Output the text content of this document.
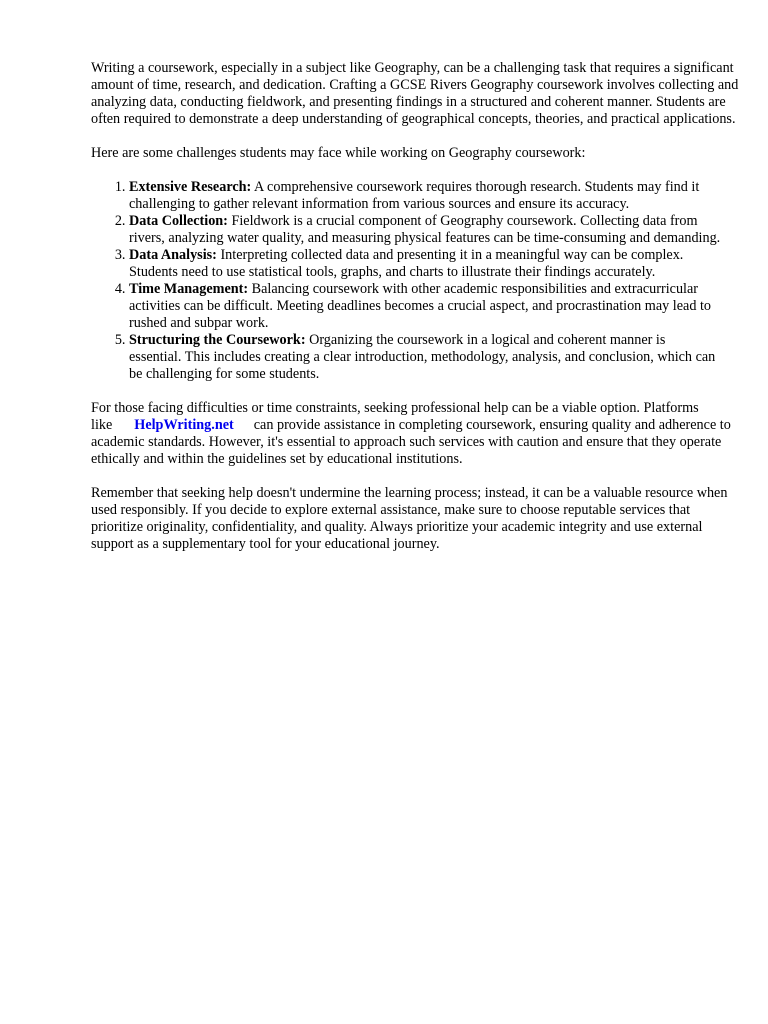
Writing a coursework, especially in a subject like Geography, can be a challenging task that requires a significant amount of time, research, and dedication. Crafting a GCSE Rivers Geography coursework involves collecting and analyzing data, conducting fieldwork, and presenting findings in a structured and coherent manner. Students are often required to demonstrate a deep understanding of geographical concepts, theories, and practical applications.

Here are some challenges students may face while working on Geography coursework:

1. Extensive Research: A comprehensive coursework requires thorough research. Students may find it challenging to gather relevant information from various sources and ensure its accuracy.
2. Data Collection: Fieldwork is a crucial component of Geography coursework. Collecting data from rivers, analyzing water quality, and measuring physical features can be time-consuming and demanding.
3. Data Analysis: Interpreting collected data and presenting it in a meaningful way can be complex. Students need to use statistical tools, graphs, and charts to illustrate their findings accurately.
4. Time Management: Balancing coursework with other academic responsibilities and extracurricular activities can be difficult. Meeting deadlines becomes a crucial aspect, and procrastination may lead to rushed and subpar work.
5. Structuring the Coursework: Organizing the coursework in a logical and coherent manner is essential. This includes creating a clear introduction, methodology, analysis, and conclusion, which can be challenging for some students.

For those facing difficulties or time constraints, seeking professional help can be a viable option. Platforms like HelpWriting.net can provide assistance in completing coursework, ensuring quality and adherence to academic standards. However, it's essential to approach such services with caution and ensure that they operate ethically and within the guidelines set by educational institutions.

Remember that seeking help doesn't undermine the learning process; instead, it can be a valuable resource when used responsibly. If you decide to explore external assistance, make sure to choose reputable services that prioritize originality, confidentiality, and quality. Always prioritize your academic integrity and use external support as a supplementary tool for your educational journey.
